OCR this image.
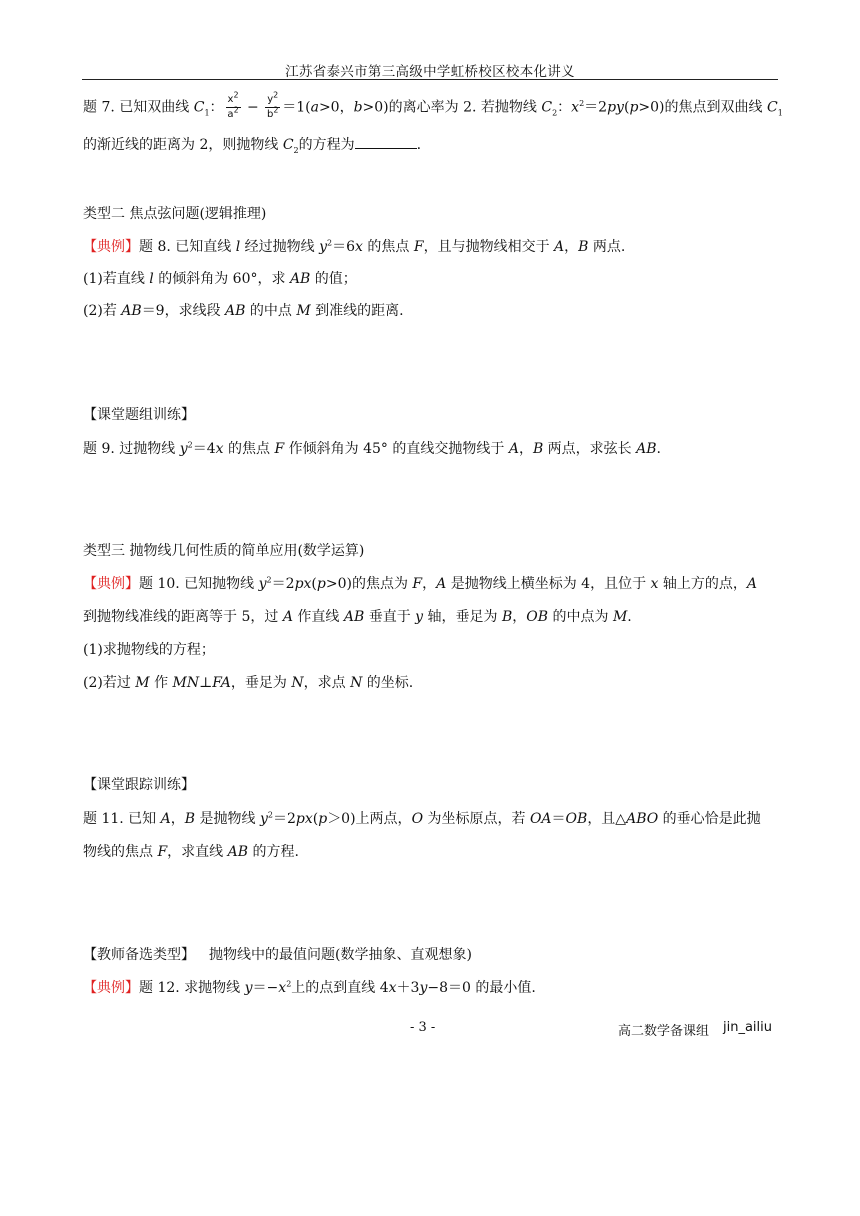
江苏省泰兴市第三高级中学虹桥校区校本化讲义
题 7. 已知双曲线 $C_1$： $\frac{x^2}{a^2} - \frac{y^2}{b^2} =1(a>0$，b>0)的离心率为 2. 若抛物线 $C_2$：$x^2=2py(p>0)$的焦点到双曲线 $C_1$
的渐近线的距离为 2，则抛物线 $C_2$的方程为	.
类型二 焦点弦问题(逻辑推理)
【典例】题 8. 已知直线 l 经过抛物线 $y^2=6x$ 的焦点 F，且与抛物线相交于 A，B 两点.
(1)若直线 l 的倾斜角为 60°，求 AB 的值；
(2)若 AB＝9，求线段 AB 的中点 M 到准线的距离.
【课堂题组训练】
题 9. 过抛物线 $y^2=4x$ 的焦点 F 作倾斜角为 45° 的直线交抛物线于 A，B 两点，求弦长 AB.
类型三 抛物线几何性质的简单应用(数学运算)
【典例】题 10. 已知抛物线 $y^2=2px(p>0)$的焦点为 F，A 是抛物线上横坐标为 4，且位于 x 轴上方的点，A
到抛物线准线的距离等于 5，过 A 作直线 AB 垂直于 y 轴，垂足为 B，OB 的中点为 M.
(1)求抛物线的方程；
(2)若过 M 作 MN⊥FA，垂足为 N，求点 N 的坐标.
【课堂跟踪训练】
题 11. 已知 A，B 是抛物线 $y^2=2px(p>0)$上两点，O 为坐标原点，若 OA＝OB，且△ABO 的垂心恰是此抛
物线的焦点 F，求直线 AB 的方程.
【教师备选类型】 抛物线中的最值问题(数学抽象、直观想象)
【典例】题 12. 求抛物线 $y=-x^2$上的点到直线 4x＋3y−8＝0 的最小值.
- 3 -	高二数学备课组 jin_ailiu
